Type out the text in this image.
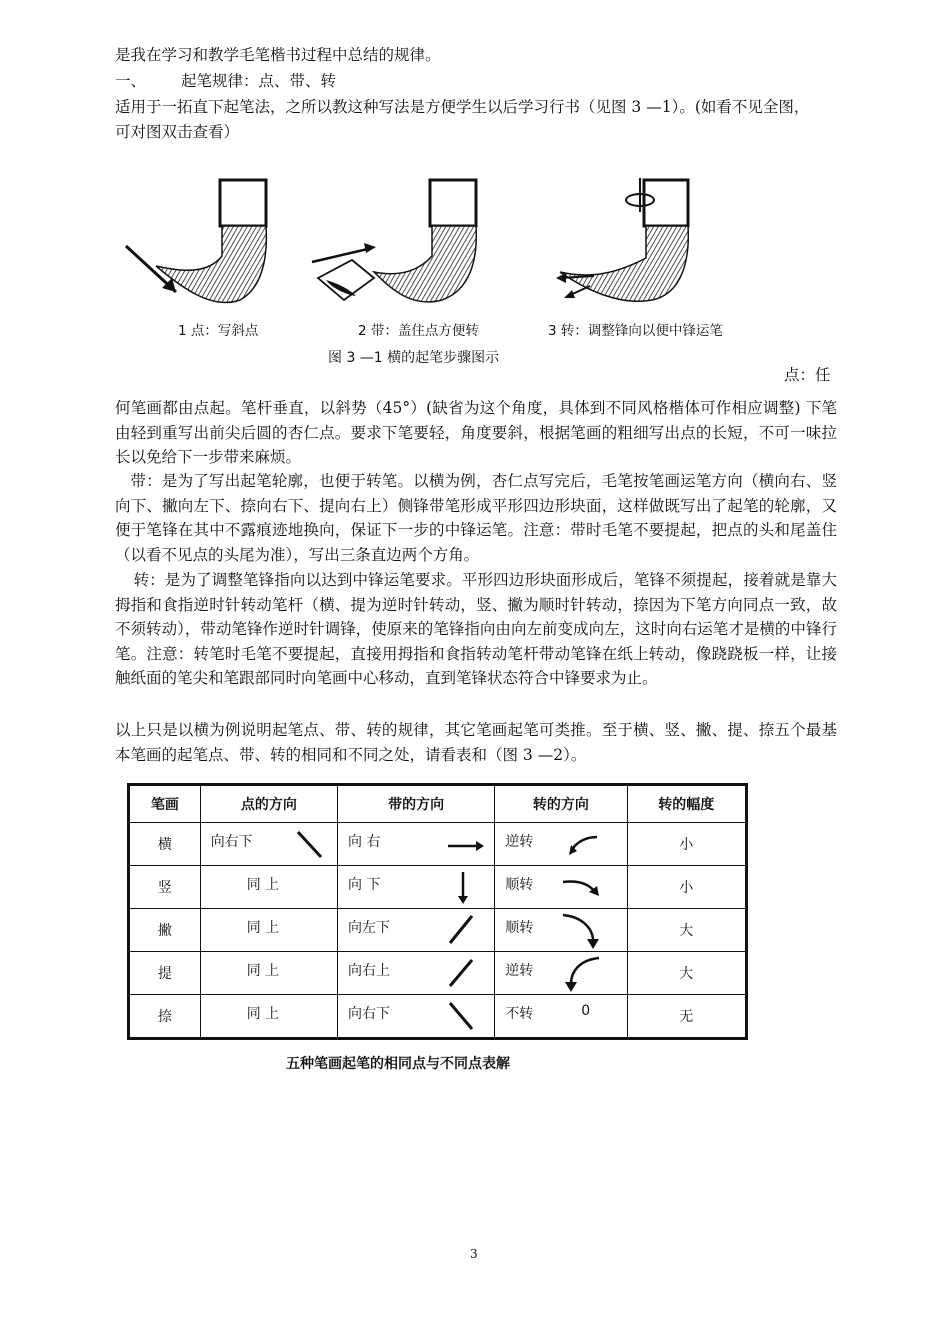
是我在学习和教学毛笔楷书过程中总结的规律。
一、 起笔规律：点、带、转
适用于一拓直下起笔法，之所以教这种写法是方便学生以后学习行书（见图 3 —1）。(如看不见全图，
可对图双击查看）
1 点：写斜点	2 带：盖住点方便转	3 转：调整锋向以便中锋运笔
图 3 —1 横的起笔步骤图示
点：任
何笔画都由点起。笔杆垂直，以斜势（45°）(缺省为这个角度，具体到不同风格楷体可作相应调整) 下笔由轻到重写出前尖后圆的杏仁点。要求下笔要轻，角度要斜，根据笔画的粗细写出点的长短，不可一味拉长以免给下一步带来麻烦。
带：是为了写出起笔轮廓，也便于转笔。以横为例，杏仁点写完后，毛笔按笔画运笔方向（横向右、竖向下、撇向左下、捺向右下、提向右上）侧锋带笔形成平形四边形块面，这样做既写出了起笔的轮廓，又便于笔锋在其中不露痕迹地换向，保证下一步的中锋运笔。注意：带时毛笔不要提起，把点的头和尾盖住（以看不见点的头尾为准），写出三条直边两个方角。
转：是为了调整笔锋指向以达到中锋运笔要求。平形四边形块面形成后，笔锋不须提起，接着就是靠大拇指和食指逆时针转动笔杆（横、提为逆时针转动，竖、撇为顺时针转动，捺因为下笔方向同点一致，故不须转动），带动笔锋作逆时针调锋，使原来的笔锋指向由向左前变成向左，这时向右运笔才是横的中锋行笔。注意：转笔时毛笔不要提起，直接用拇指和食指转动笔杆带动笔锋在纸上转动，像跷跷板一样，让接触纸面的笔尖和笔跟部同时向笔画中心移动，直到笔锋状态符合中锋要求为止。
以上只是以横为例说明起笔点、带、转的规律，其它笔画起笔可类推。至于横、竖、撇、提、捺五个最基本笔画的起笔点、带、转的相同和不同之处，请看表和（图 3 —2）。
笔画	点的方向	带的方向	转的方向	转的幅度

横	向右下	向 右	逆转	小

竖	同 上	向 下	顺转	小

撇	同 上	向左下	顺转	大

提	同 上	向右上	逆转	大

捺	同 上	向右下	不转 0	无
五种笔画起笔的相同点与不同点表解
3
